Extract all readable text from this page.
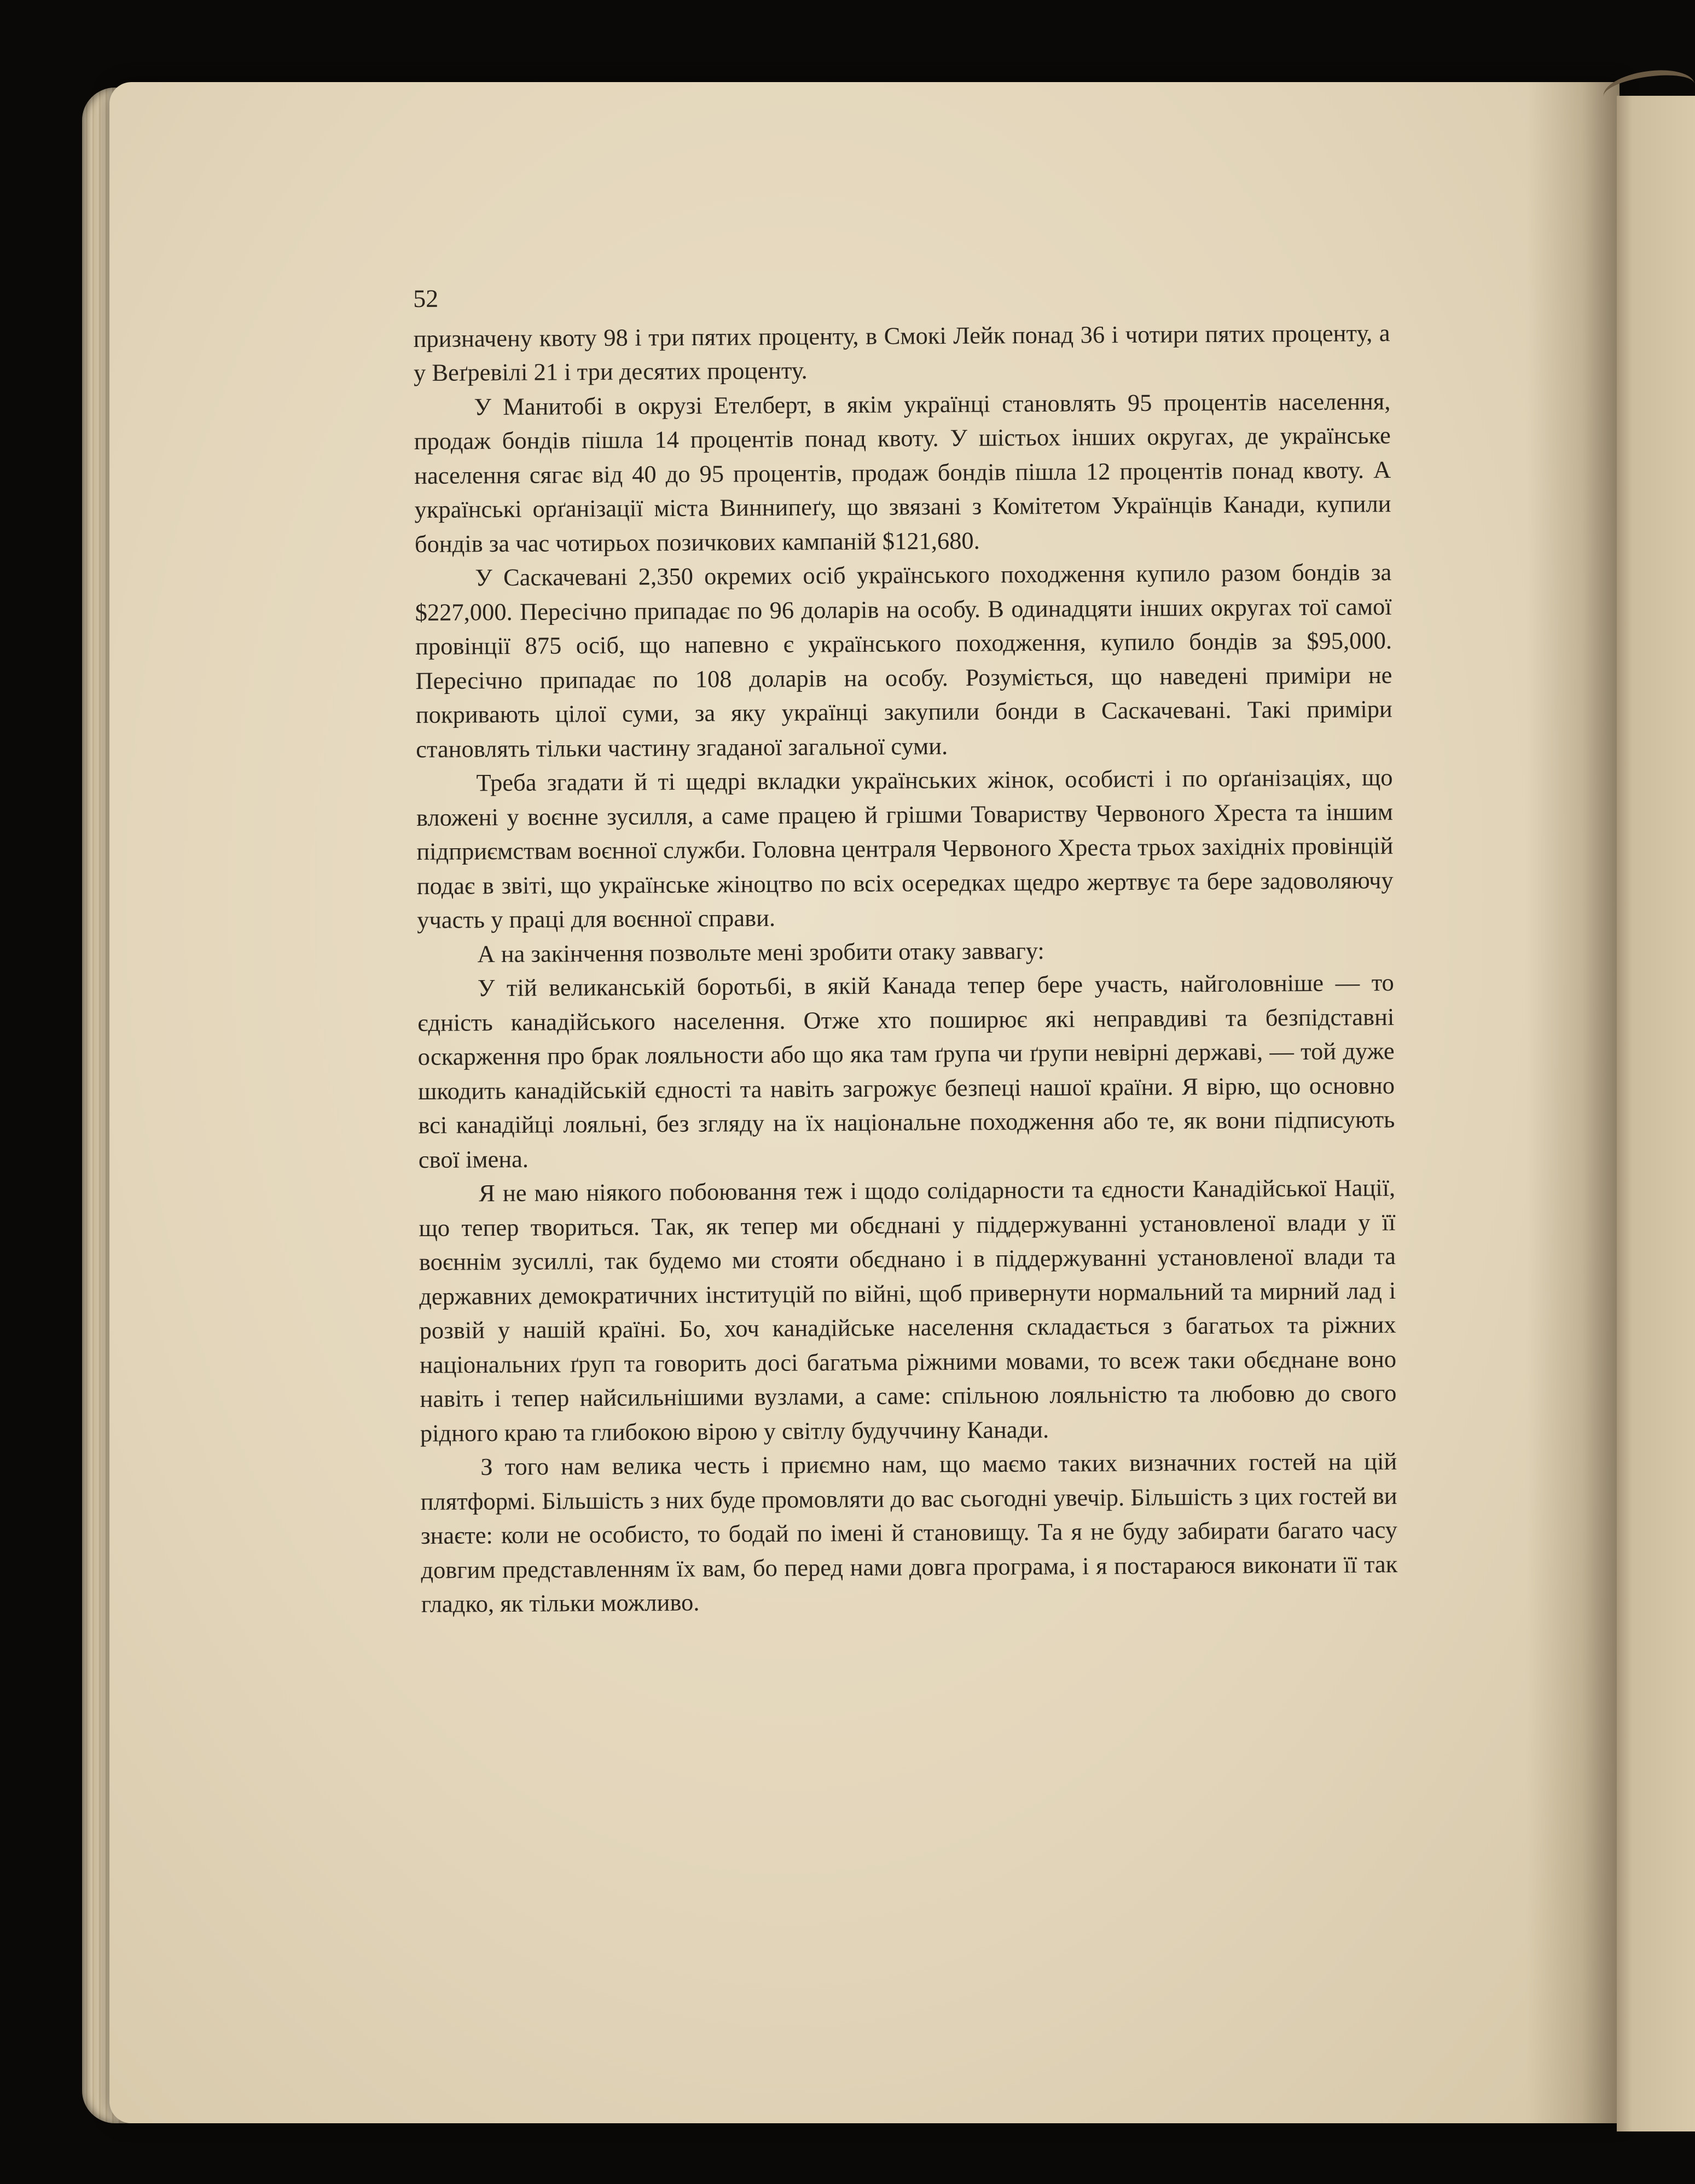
52

призначену квоту 98 і три пятих проценту, в Смокі Лейк понад 36 і чотири пятих проценту, а у Веґревілі 21 і три десятих проценту.

У Манитобі в окрузі Етелберт, в якім українці становлять 95 процентів населення, продаж бондів пішла 14 процентів понад квоту. У шістьох інших округах, де українське населення сягає від 40 до 95 процентів, продаж бондів пішла 12 процентів понад квоту. А українські орґанізації міста Виннипеґу, що звязані з Комітетом Українців Канади, купили бондів за час чотирьох позичкових кампаній $121,680.

У Саскачевані 2,350 окремих осіб українського походження купило разом бондів за $227,000. Пересічно припадає по 96 доларів на особу. В одинадцяти інших округах тої самої провінції 875 осіб, що напевно є українського походження, купило бондів за $95,000. Пересічно припадає по 108 доларів на особу. Розуміється, що наведені приміри не покривають цілої суми, за яку українці закупили бонди в Саскачевані. Такі приміри становлять тільки частину згаданої загальної суми.

Треба згадати й ті щедрі вкладки українських жінок, особисті і по орґанізаціях, що вложені у воєнне зусилля, а саме працею й грішми Товариству Червоного Хреста та іншим підприємствам воєнної служби. Головна централя Червоного Хреста трьох західніх провінцій подає в звіті, що українське жіноцтво по всіх осередках щедро жертвує та бере задоволяючу участь у праці для воєнної справи.

А на закінчення позвольте мені зробити отаку заввагу:

У тій великанській боротьбі, в якій Канада тепер бере участь, найголовніше — то єдність канадійського населення. Отже хто поширює які неправдиві та безпідставні оскарження про брак лояльности або що яка там ґрупа чи ґрупи невірні державі, — той дуже шкодить канадійській єдності та навіть загрожує безпеці нашої країни. Я вірю, що основно всі канадійці лояльні, без згляду на їх національне походження або те, як вони підписують свої імена.

Я не маю ніякого побоювання теж і щодо солідарности та єдности Канадійської Нації, що тепер твориться. Так, як тепер ми обєднані у піддержуванні установленої влади у її воєннім зусиллі, так будемо ми стояти обєднано і в піддержуванні установленої влади та державних демократичних інституцій по війні, щоб привернути нормальний та мирний лад і розвій у нашій країні. Бо, хоч канадійське населення складається з багатьох та ріжних національних ґруп та говорить досі багатьма ріжними мовами, то всеж таки обєднане воно навіть і тепер найсильнішими вузлами, а саме: спільною лояльністю та любовю до свого рідного краю та глибокою вірою у світлу будуччину Канади.

З того нам велика честь і приємно нам, що маємо таких визначних гостей на цій плятформі. Більшість з них буде промовляти до вас сьогодні увечір. Більшість з цих гостей ви знаєте: коли не особисто, то бодай по імені й становищу. Та я не буду забирати багато часу довгим представленням їх вам, бо перед нами довга програма, і я постараюся виконати її так гладко, як тільки можливо.
